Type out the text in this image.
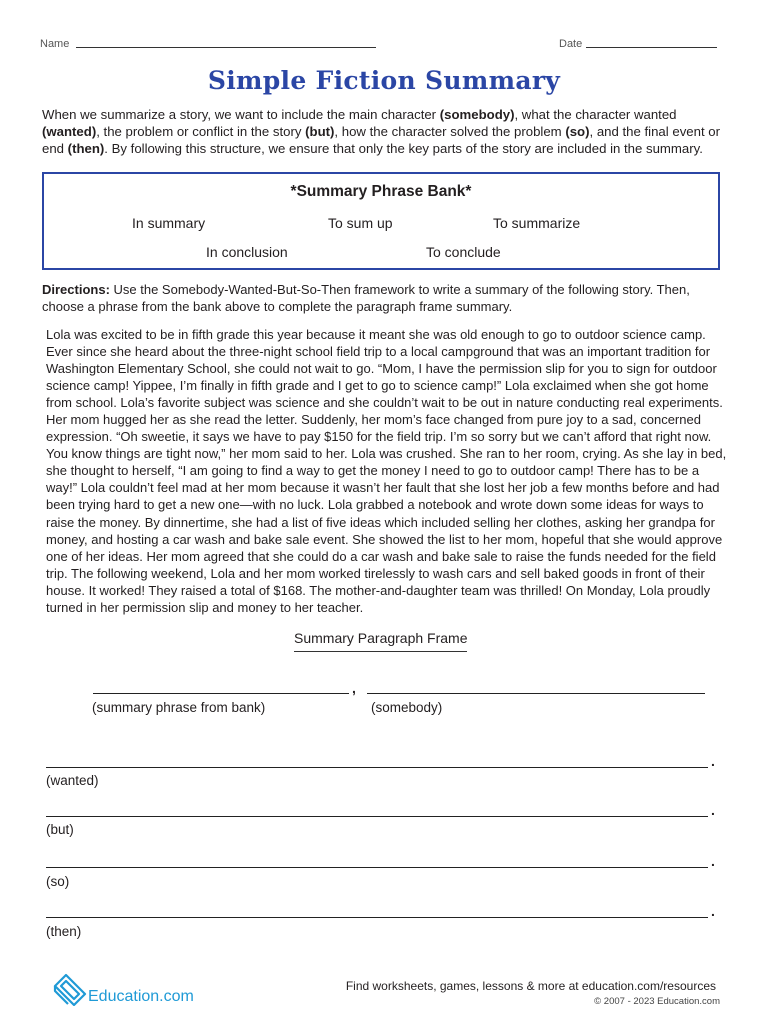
Name	Date
Simple Fiction Summary
When we summarize a story, we want to include the main character (somebody), what the character wanted (wanted), the problem or conflict in the story (but), how the character solved the problem (so), and the final event or end (then). By following this structure, we ensure that only the key parts of the story are included in the summary.
*Summary Phrase Bank*
In summary	To sum up	To summarize
In conclusion	To conclude
Directions: Use the Somebody-Wanted-But-So-Then framework to write a summary of the following story. Then, choose a phrase from the bank above to complete the paragraph frame summary.
Lola was excited to be in fifth grade this year because it meant she was old enough to go to outdoor science camp.
Ever since she heard about the three-night school field trip to a local campground that was an important tradition for
Washington Elementary School, she could not wait to go. “Mom, I have the permission slip for you to sign for outdoor
science camp! Yippee, I’m finally in fifth grade and I get to go to science camp!” Lola exclaimed when she got home
from school. Lola’s favorite subject was science and she couldn’t wait to be out in nature conducting real experiments.
Her mom hugged her as she read the letter. Suddenly, her mom’s face changed from pure joy to a sad, concerned
expression. “Oh sweetie, it says we have to pay $150 for the field trip. I’m so sorry but we can’t afford that right now.
You know things are tight now,” her mom said to her. Lola was crushed. She ran to her room, crying. As she lay in bed,
she thought to herself, “I am going to find a way to get the money I need to go to outdoor camp! There has to be a
way!” Lola couldn’t feel mad at her mom because it wasn’t her fault that she lost her job a few months before and had
been trying hard to get a new one—with no luck. Lola grabbed a notebook and wrote down some ideas for ways to
raise the money. By dinnertime, she had a list of five ideas which included selling her clothes, asking her grandpa for
money, and hosting a car wash and bake sale event. She showed the list to her mom, hopeful that she would approve
one of her ideas. Her mom agreed that she could do a car wash and bake sale to raise the funds needed for the field
trip. The following weekend, Lola and her mom worked tirelessly to wash cars and sell baked goods in front of their
house. It worked! They raised a total of $168. The mother-and-daughter team was thrilled! On Monday, Lola proudly
turned in her permission slip and money to her teacher.
Summary Paragraph Frame
,
(summary phrase from bank)	(somebody)
.
(wanted)
.
(but)
.
(so)
.
(then)
Education.com
Find worksheets, games, lessons & more at education.com/resources
© 2007 - 2023 Education.com
